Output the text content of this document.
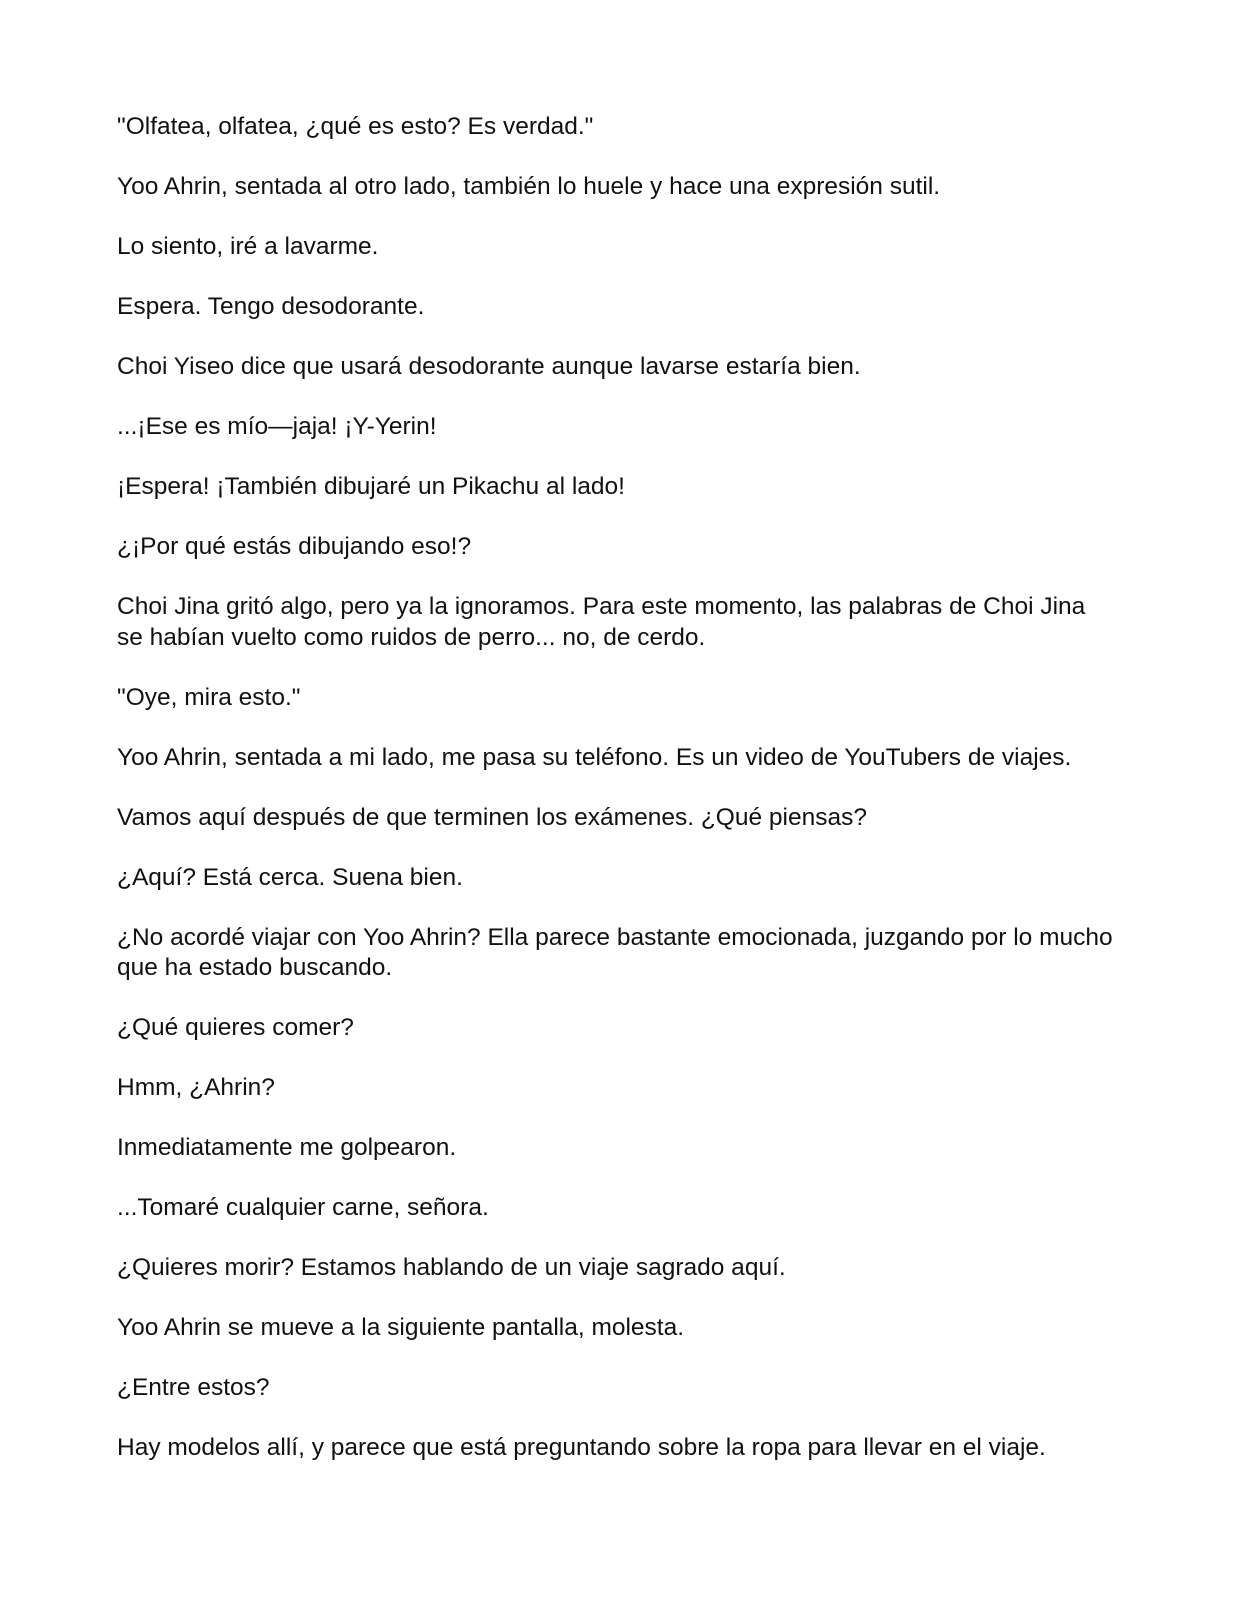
"Olfatea, olfatea, ¿qué es esto? Es verdad."

Yoo Ahrin, sentada al otro lado, también lo huele y hace una expresión sutil.

Lo siento, iré a lavarme.

Espera. Tengo desodorante.

Choi Yiseo dice que usará desodorante aunque lavarse estaría bien.

...¡Ese es mío—jaja! ¡Y-Yerin!

¡Espera! ¡También dibujaré un Pikachu al lado!

¿¡Por qué estás dibujando eso!?

Choi Jina gritó algo, pero ya la ignoramos. Para este momento, las palabras de Choi Jina se habían vuelto como ruidos de perro... no, de cerdo.

"Oye, mira esto."

Yoo Ahrin, sentada a mi lado, me pasa su teléfono. Es un video de YouTubers de viajes.

Vamos aquí después de que terminen los exámenes. ¿Qué piensas?

¿Aquí? Está cerca. Suena bien.

¿No acordé viajar con Yoo Ahrin? Ella parece bastante emocionada, juzgando por lo mucho que ha estado buscando.

¿Qué quieres comer?

Hmm, ¿Ahrin?

Inmediatamente me golpearon.

...Tomaré cualquier carne, señora.

¿Quieres morir? Estamos hablando de un viaje sagrado aquí.

Yoo Ahrin se mueve a la siguiente pantalla, molesta.

¿Entre estos?

Hay modelos allí, y parece que está preguntando sobre la ropa para llevar en el viaje.
